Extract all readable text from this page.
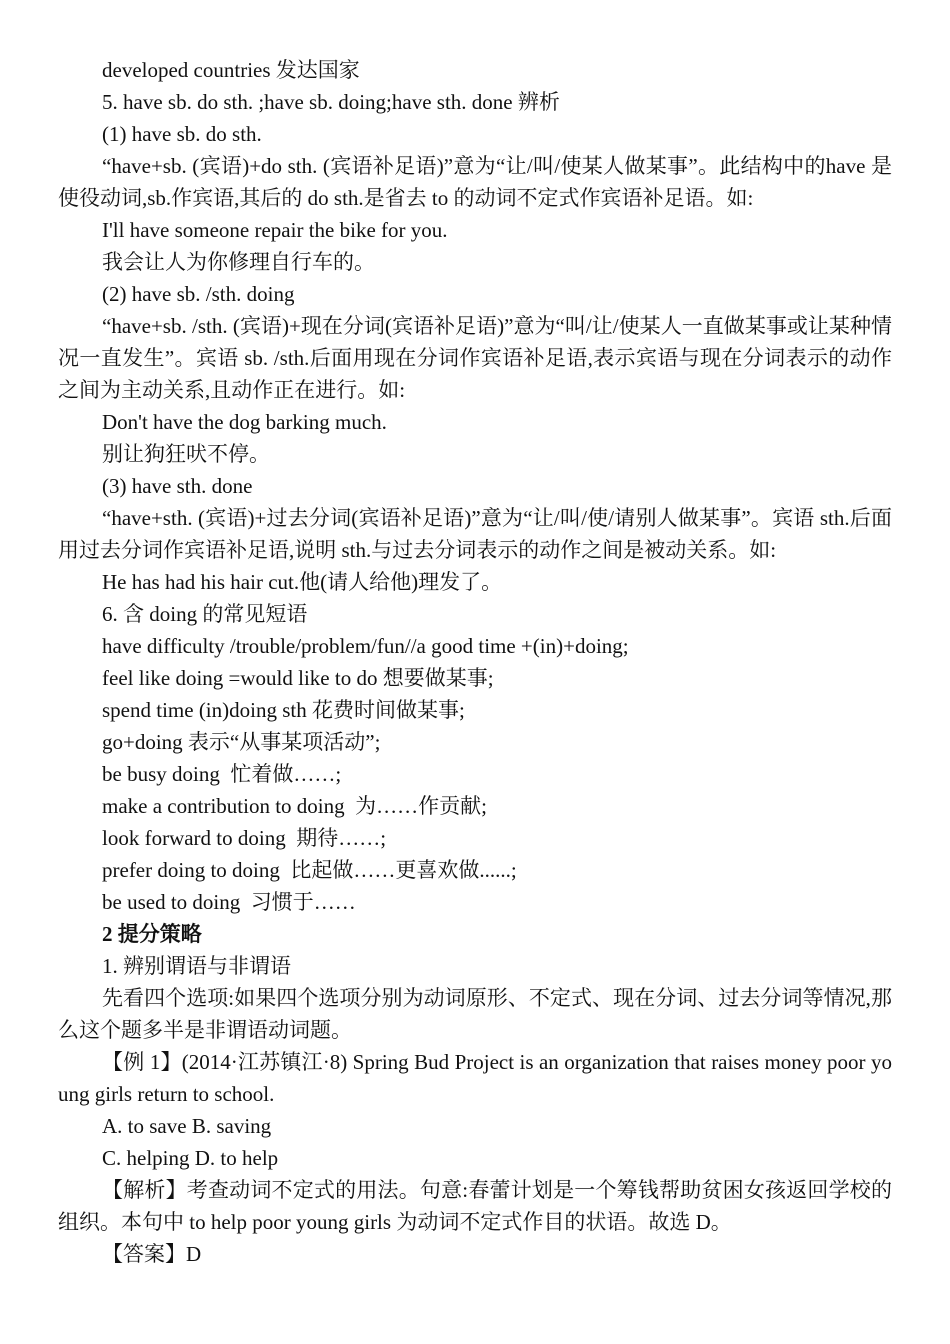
developed countries 发达国家

5. have sb. do sth. ;have sb. doing;have sth. done 辨析

(1) have sb. do sth.

“have+sb. (宾语)+do sth. (宾语补足语)”意为“让/叫/使某人做某事”。此结构中的have 是使役动词,sb.作宾语,其后的 do sth.是省去 to 的动词不定式作宾语补足语。如:

I'll have someone repair the bike for you.

我会让人为你修理自行车的。

(2) have sb. /sth. doing

“have+sb. /sth. (宾语)+现在分词(宾语补足语)”意为“叫/让/使某人一直做某事或让某种情况一直发生”。宾语 sb. /sth.后面用现在分词作宾语补足语,表示宾语与现在分词表示的动作之间为主动关系,且动作正在进行。如:

Don't have the dog barking much.

别让狗狂吠不停。

(3) have sth. done

“have+sth. (宾语)+过去分词(宾语补足语)”意为“让/叫/使/请别人做某事”。宾语 sth.后面用过去分词作宾语补足语,说明 sth.与过去分词表示的动作之间是被动关系。如:

He has had his hair cut.他(请人给他)理发了。

6. 含 doing 的常见短语

have difficulty /trouble/problem/fun//a good time +(in)+doing;

feel like doing =would like to do 想要做某事;

spend time (in)doing sth 花费时间做某事;

go+doing 表示“从事某项活动”;

be busy doing  忙着做……;

make a contribution to doing  为……作贡献;

look forward to doing  期待……;

prefer doing to doing  比起做……更喜欢做......;

be used to doing  习惯于……

2 提分策略

1. 辨别谓语与非谓语

先看四个选项:如果四个选项分别为动词原形、不定式、现在分词、过去分词等情况,那么这个题多半是非谓语动词题。

【例 1】(2014·江苏镇江·8) Spring Bud Project is an organization that raises money poor young girls return to school.

A. to save B. saving

C. helping D. to help

【解析】考查动词不定式的用法。句意:春蕾计划是一个筹钱帮助贫困女孩返回学校的组织。本句中 to help poor young girls 为动词不定式作目的状语。故选 D。

【答案】D
